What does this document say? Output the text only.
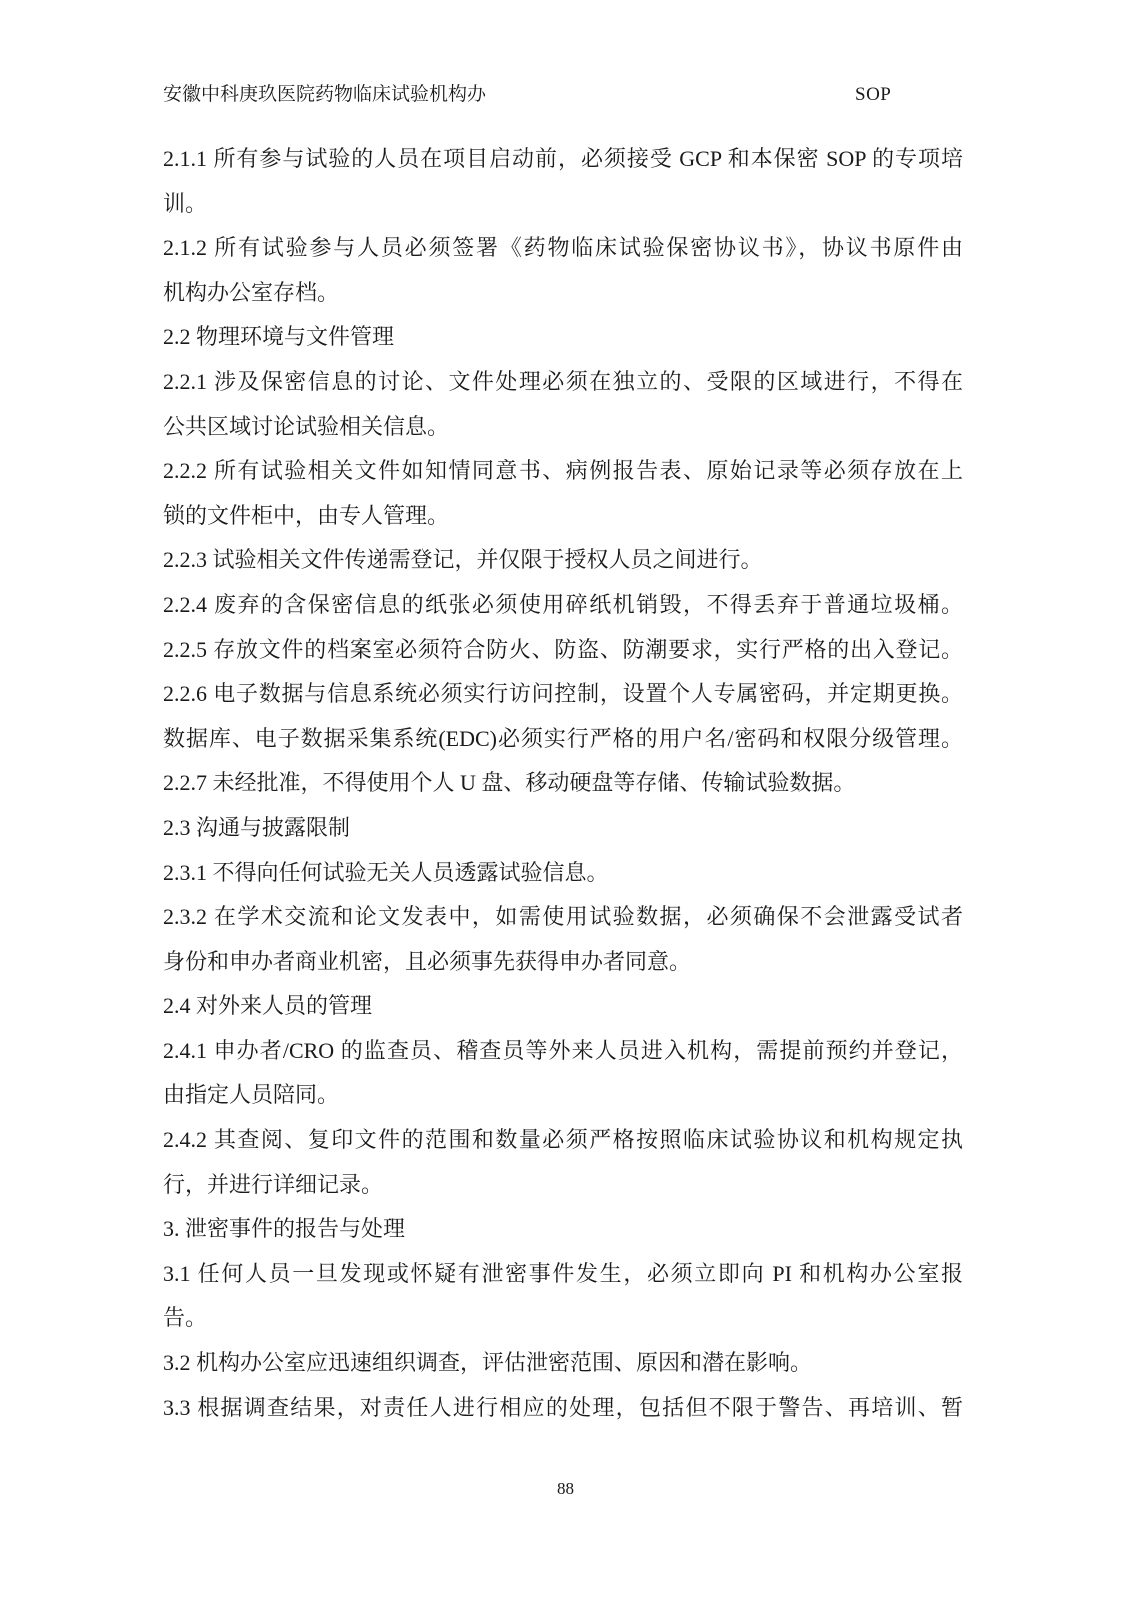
安徽中科庚玖医院药物临床试验机构办	SOP
2.1.1 所有参与试验的人员在项目启动前，必须接受 GCP 和本保密 SOP 的专项培
训。
2.1.2 所有试验参与人员必须签署《药物临床试验保密协议书》，协议书原件由
机构办公室存档。
2.2 物理环境与文件管理
2.2.1 涉及保密信息的讨论、文件处理必须在独立的、受限的区域进行，不得在
公共区域讨论试验相关信息。
2.2.2 所有试验相关文件如知情同意书、病例报告表、原始记录等必须存放在上
锁的文件柜中，由专人管理。
2.2.3 试验相关文件传递需登记，并仅限于授权人员之间进行。
2.2.4 废弃的含保密信息的纸张必须使用碎纸机销毁，不得丢弃于普通垃圾桶。
2.2.5 存放文件的档案室必须符合防火、防盗、防潮要求，实行严格的出入登记。
2.2.6 电子数据与信息系统必须实行访问控制，设置个人专属密码，并定期更换。
数据库、电子数据采集系统(EDC)必须实行严格的用户名/密码和权限分级管理。
2.2.7 未经批准，不得使用个人 U 盘、移动硬盘等存储、传输试验数据。
2.3 沟通与披露限制
2.3.1 不得向任何试验无关人员透露试验信息。
2.3.2 在学术交流和论文发表中，如需使用试验数据，必须确保不会泄露受试者
身份和申办者商业机密，且必须事先获得申办者同意。
2.4 对外来人员的管理
2.4.1 申办者/CRO 的监查员、稽查员等外来人员进入机构，需提前预约并登记，
由指定人员陪同。
2.4.2 其查阅、复印文件的范围和数量必须严格按照临床试验协议和机构规定执
行，并进行详细记录。
3. 泄密事件的报告与处理
3.1 任何人员一旦发现或怀疑有泄密事件发生，必须立即向 PI 和机构办公室报
告。
3.2 机构办公室应迅速组织调查，评估泄密范围、原因和潜在影响。
3.3 根据调查结果，对责任人进行相应的处理，包括但不限于警告、再培训、暂
88
